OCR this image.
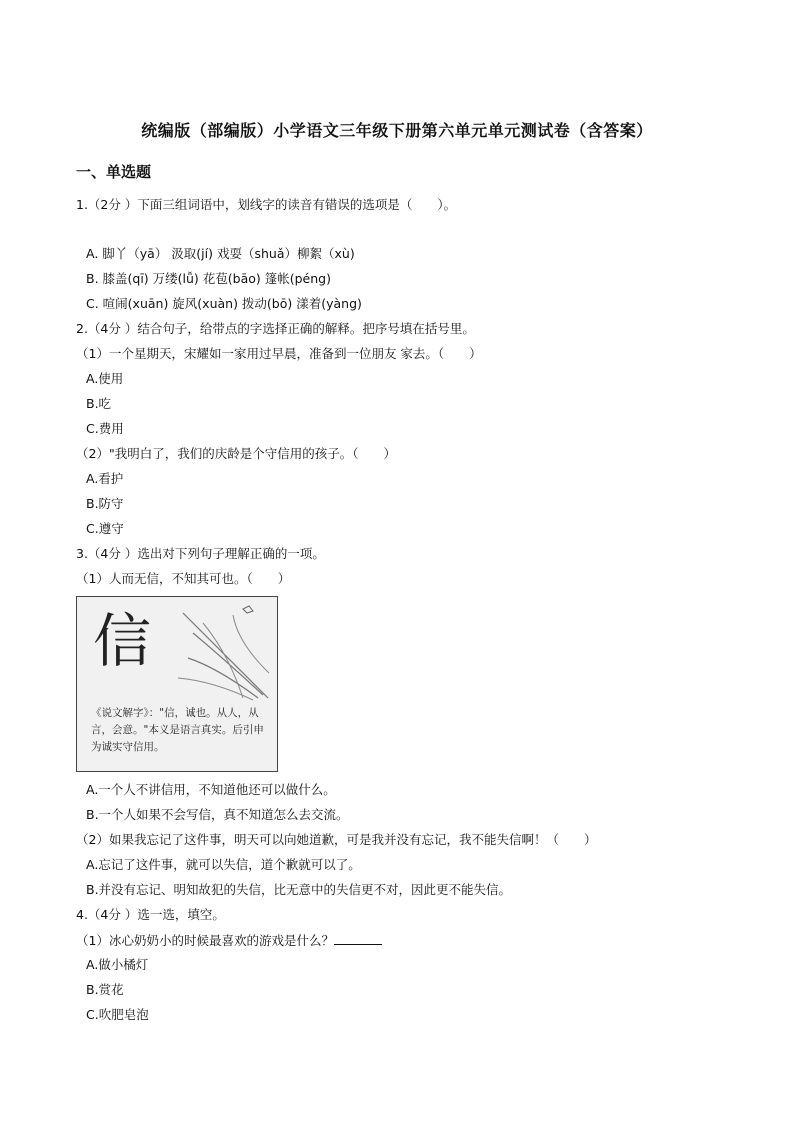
统编版（部编版）小学语文三年级下册第六单元单元测试卷（含答案）
一、单选题
1.（2分 ）下面三组词语中，划线字的读音有错误的选项是（　　）。
A. 脚丫（yā） 汲取(jí) 戏耍（shuǎ）柳絮（xù)
B. 膝盖(qī) 万缕(lǚ) 花苞(bāo) 篷帐(péng)
C. 喧闹(xuān) 旋风(xuàn) 拨动(bō) 漾着(yàng)
2.（4分 ）结合句子，给带点的字选择正确的解释。把序号填在括号里。
（1）一个星期天，宋耀如一家用过早晨，准备到一位朋友 家去。（　　）
A.使用
B.吃
C.费用
（2）"我明白了，我们的庆龄是个守信用的孩子。（　　）
A.看护
B.防守
C.遵守
3.（4分 ）选出对下列句子理解正确的一项。
（1）人而无信，不知其可也。（　　）
信
《说文解字》："信，诚也。从人，从言，会意。"本义是语言真实。后引申为诚实守信用。
A.一个人不讲信用，不知道他还可以做什么。
B.一个人如果不会写信，真不知道怎么去交流。
（2）如果我忘记了这件事，明天可以向她道歉，可是我并没有忘记，我不能失信啊！（　　）
A.忘记了这件事，就可以失信，道个歉就可以了。
B.并没有忘记、明知故犯的失信，比无意中的失信更不对，因此更不能失信。
4.（4分 ）选一选，填空。
（1）冰心奶奶小的时候最喜欢的游戏是什么？
A.做小橘灯
B.赏花
C.吹肥皂泡
